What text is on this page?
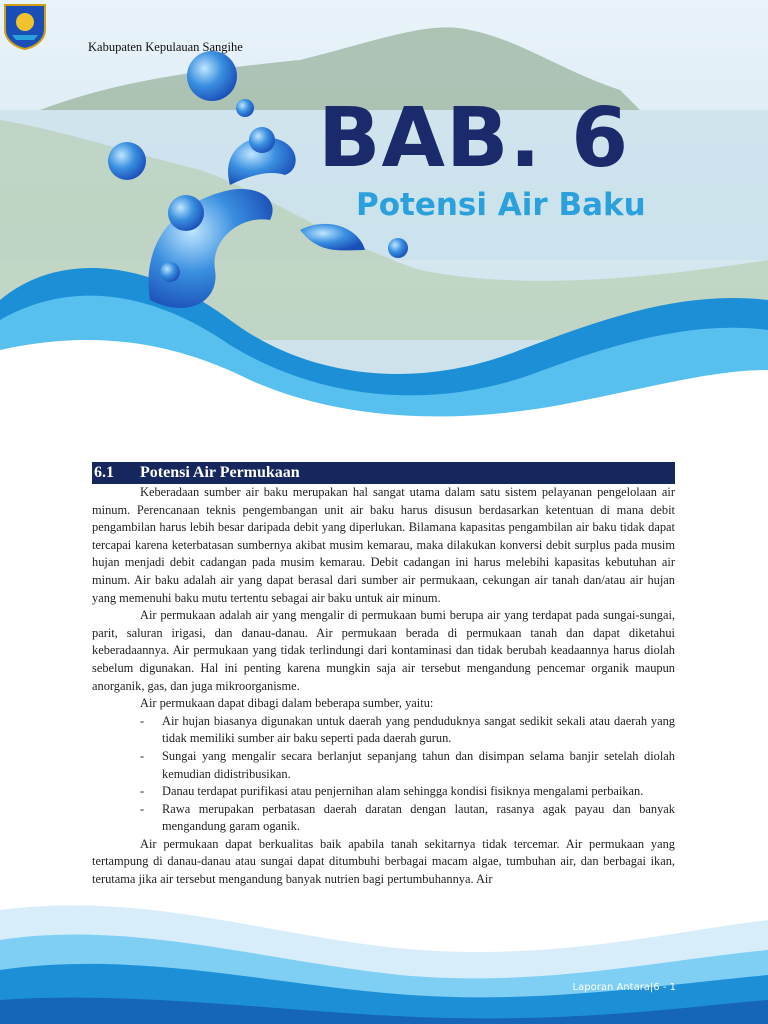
Kabupaten Kepulauan Sangihe
BAB. 6
Potensi Air Baku
6.1	Potensi Air Permukaan

Keberadaan sumber air baku merupakan hal sangat utama dalam satu sistem pelayanan pengelolaan air minum. Perencanaan teknis pengembangan unit air baku harus disusun berdasarkan ketentuan di mana debit pengambilan harus lebih besar daripada debit yang diperlukan. Bilamana kapasitas pengambilan air baku tidak dapat tercapai karena keterbatasan sumbernya akibat musim kemarau, maka dilakukan konversi debit surplus pada musim hujan menjadi debit cadangan pada musim kemarau. Debit cadangan ini harus melebihi kapasitas kebutuhan air minum. Air baku adalah air yang dapat berasal dari sumber air permukaan, cekungan air tanah dan/atau air hujan yang memenuhi baku mutu tertentu sebagai air baku untuk air minum.

Air permukaan adalah air yang mengalir di permukaan bumi berupa air yang terdapat pada sungai-sungai, parit, saluran irigasi, dan danau-danau. Air permukaan berada di permukaan tanah dan dapat diketahui keberadaannya. Air permukaan yang tidak terlindungi dari kontaminasi dan tidak berubah keadaannya harus diolah sebelum digunakan. Hal ini penting karena mungkin saja air tersebut mengandung pencemar organik maupun anorganik, gas, dan juga mikroorganisme.

Air permukaan dapat dibagi dalam beberapa sumber, yaitu:

- Air hujan biasanya digunakan untuk daerah yang penduduknya sangat sedikit sekali atau daerah yang tidak memiliki sumber air baku seperti pada daerah gurun.
- Sungai yang mengalir secara berlanjut sepanjang tahun dan disimpan selama banjir setelah diolah kemudian didistribusikan.
- Danau terdapat purifikasi atau penjernihan alam sehingga kondisi fisiknya mengalami perbaikan.
- Rawa merupakan perbatasan daerah daratan dengan lautan, rasanya agak payau dan banyak mengandung garam oganik.

Air permukaan dapat berkualitas baik apabila tanah sekitarnya tidak tercemar. Air permukaan yang tertampung di danau-danau atau sungai dapat ditumbuhi berbagai macam algae, tumbuhan air, dan berbagai ikan, terutama jika air tersebut mengandung banyak nutrien bagi pertumbuhannya. Air

Laporan Antara|6 - 1
